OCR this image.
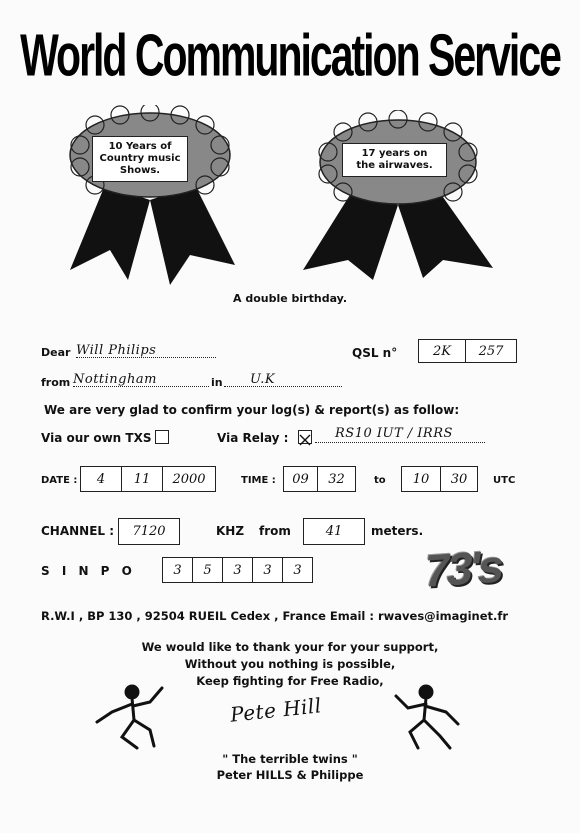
World Communication Service
10 Years of
Country music
Shows.
17 years on
the airwaves.
A double birthday.
Dear Will Philips	QSL n°	2K	257
from Nottingham	in	U.K
We are very glad to confirm your log(s) & report(s) as follow:
Via our own TXS	Via Relay :	RS10 IUT / IRRS
DATE :	4	11	2000	TIME :	09	32	to	10	30	UTC
CHANNEL :	7120	KHZ from	41	meters.
S I N P O	3	5	3	3	3	73's
R.W.I , BP 130 , 92504 RUEIL Cedex , France Email : rwaves@imaginet.fr
We would like to thank your for your support,
Without you nothing is possible,
Keep fighting for Free Radio,
Pete Hill
" The terrible twins "
Peter HILLS & Philippe
